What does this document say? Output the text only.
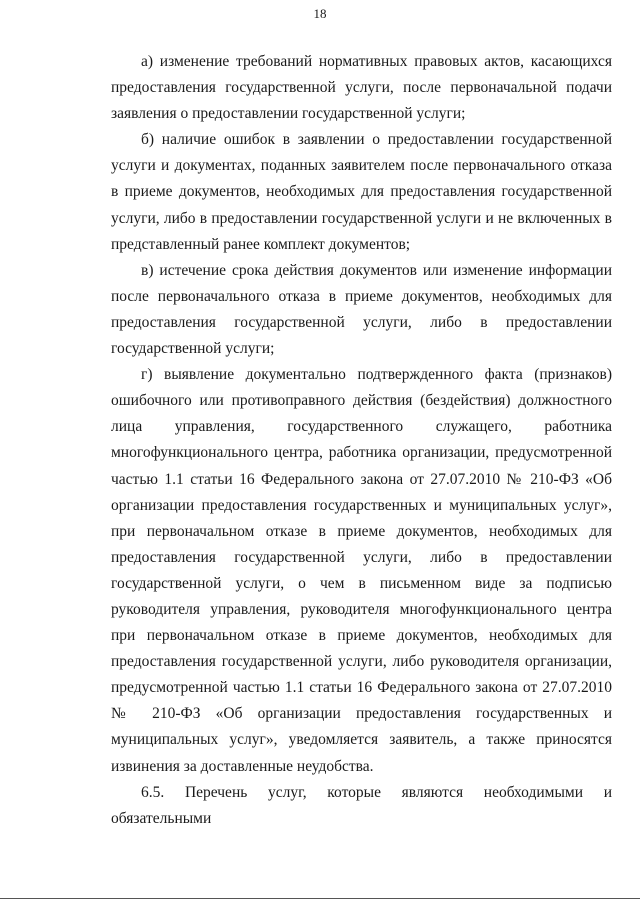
18

а) изменение требований нормативных правовых актов, касающихся предоставления государственной услуги, после первоначальной подачи заявления о предоставлении государственной услуги;

б) наличие ошибок в заявлении о предоставлении государственной услуги и документах, поданных заявителем после первоначального отказа в приеме документов, необходимых для предоставления государственной услуги, либо в предоставлении государственной услуги и не включенных в представленный ранее комплект документов;

в) истечение срока действия документов или изменение информации после первоначального отказа в приеме документов, необходимых для предоставления государственной услуги, либо в предоставлении государственной услуги;

г) выявление документально подтвержденного факта (признаков) ошибочного или противоправного действия (бездействия) должностного лица управления, государственного служащего, работника многофункционального центра, работника организации, предусмотренной частью 1.1 статьи 16 Федерального закона от 27.07.2010 № 210-ФЗ «Об организации предоставления государственных и муниципальных услуг», при первоначальном отказе в приеме документов, необходимых для предоставления государственной услуги, либо в предоставлении государственной услуги, о чем в письменном виде за подписью руководителя управления, руководителя многофункционального центра при первоначальном отказе в приеме документов, необходимых для предоставления государственной услуги, либо руководителя организации, предусмотренной частью 1.1 статьи 16 Федерального закона от 27.07.2010 № 210-ФЗ «Об организации предоставления государственных и муниципальных услуг», уведомляется заявитель, а также приносятся извинения за доставленные неудобства.

6.5. Перечень услуг, которые являются необходимыми и обязательными
